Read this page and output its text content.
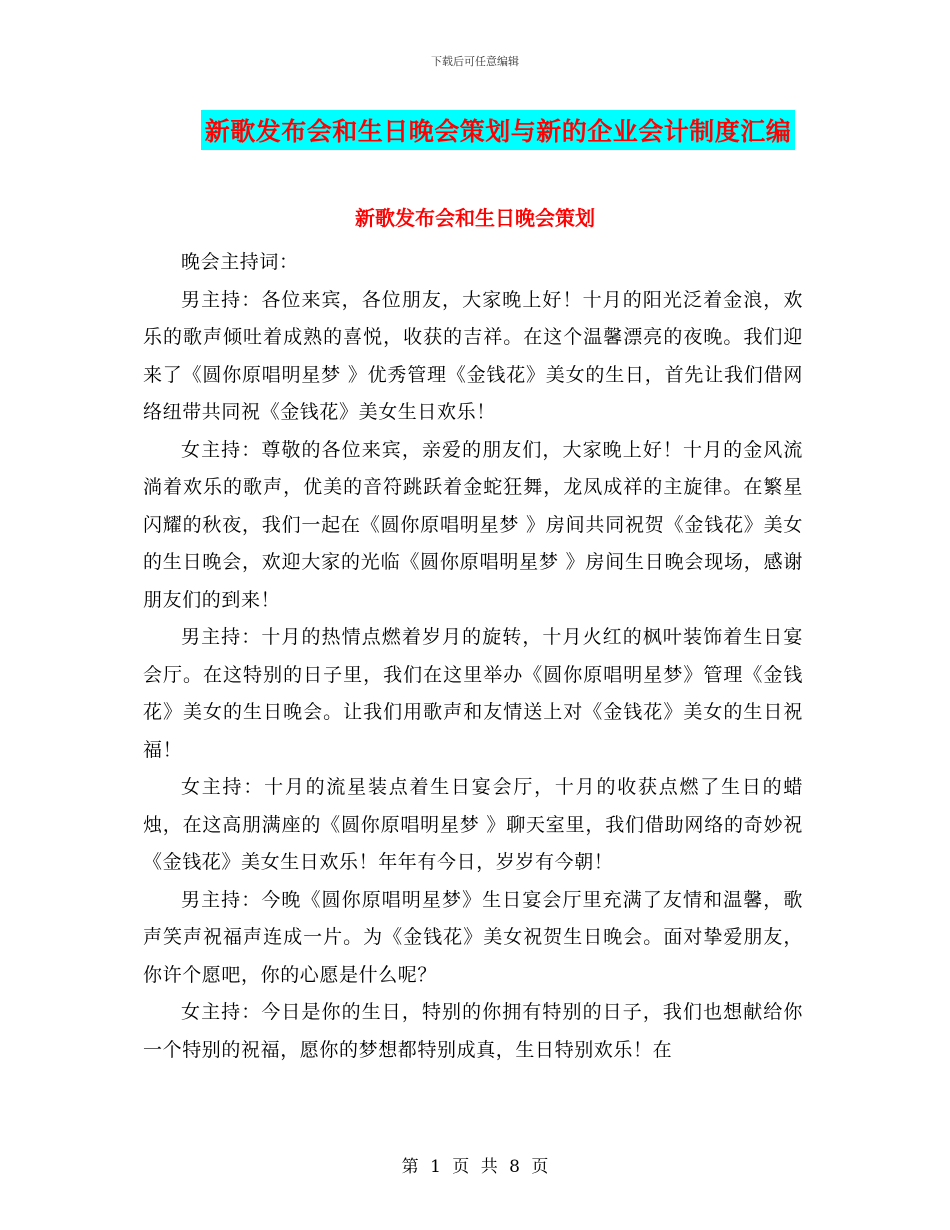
下载后可任意编辑
新歌发布会和生日晚会策划与新的企业会计制度汇编
新歌发布会和生日晚会策划

晚会主持词：

男主持：各位来宾，各位朋友，大家晚上好！十月的阳光泛着金浪，欢乐的歌声倾吐着成熟的喜悦，收获的吉祥。在这个温馨漂亮的夜晚。我们迎来了《圆你原唱明星梦 》优秀管理《金钱花》美女的生日，首先让我们借网络纽带共同祝《金钱花》美女生日欢乐！

女主持：尊敬的各位来宾，亲爱的朋友们，大家晚上好！十月的金风流淌着欢乐的歌声，优美的音符跳跃着金蛇狂舞，龙凤成祥的主旋律。在繁星闪耀的秋夜，我们一起在《圆你原唱明星梦 》房间共同祝贺《金钱花》美女的生日晚会，欢迎大家的光临《圆你原唱明星梦 》房间生日晚会现场，感谢朋友们的到来！

男主持：十月的热情点燃着岁月的旋转，十月火红的枫叶装饰着生日宴会厅。在这特别的日子里，我们在这里举办《圆你原唱明星梦》管理《金钱花》美女的生日晚会。让我们用歌声和友情送上对《金钱花》美女的生日祝福！

女主持：十月的流星装点着生日宴会厅，十月的收获点燃了生日的蜡烛，在这高朋满座的《圆你原唱明星梦 》聊天室里，我们借助网络的奇妙祝《金钱花》美女生日欢乐！年年有今日，岁岁有今朝！

男主持：今晚《圆你原唱明星梦》生日宴会厅里充满了友情和温馨，歌声笑声祝福声连成一片。为《金钱花》美女祝贺生日晚会。面对挚爱朋友，你许个愿吧，你的心愿是什么呢？

女主持：今日是你的生日，特别的你拥有特别的日子，我们也想献给你一个特别的祝福，愿你的梦想都特别成真，生日特别欢乐！在

第 1 页 共 8 页
